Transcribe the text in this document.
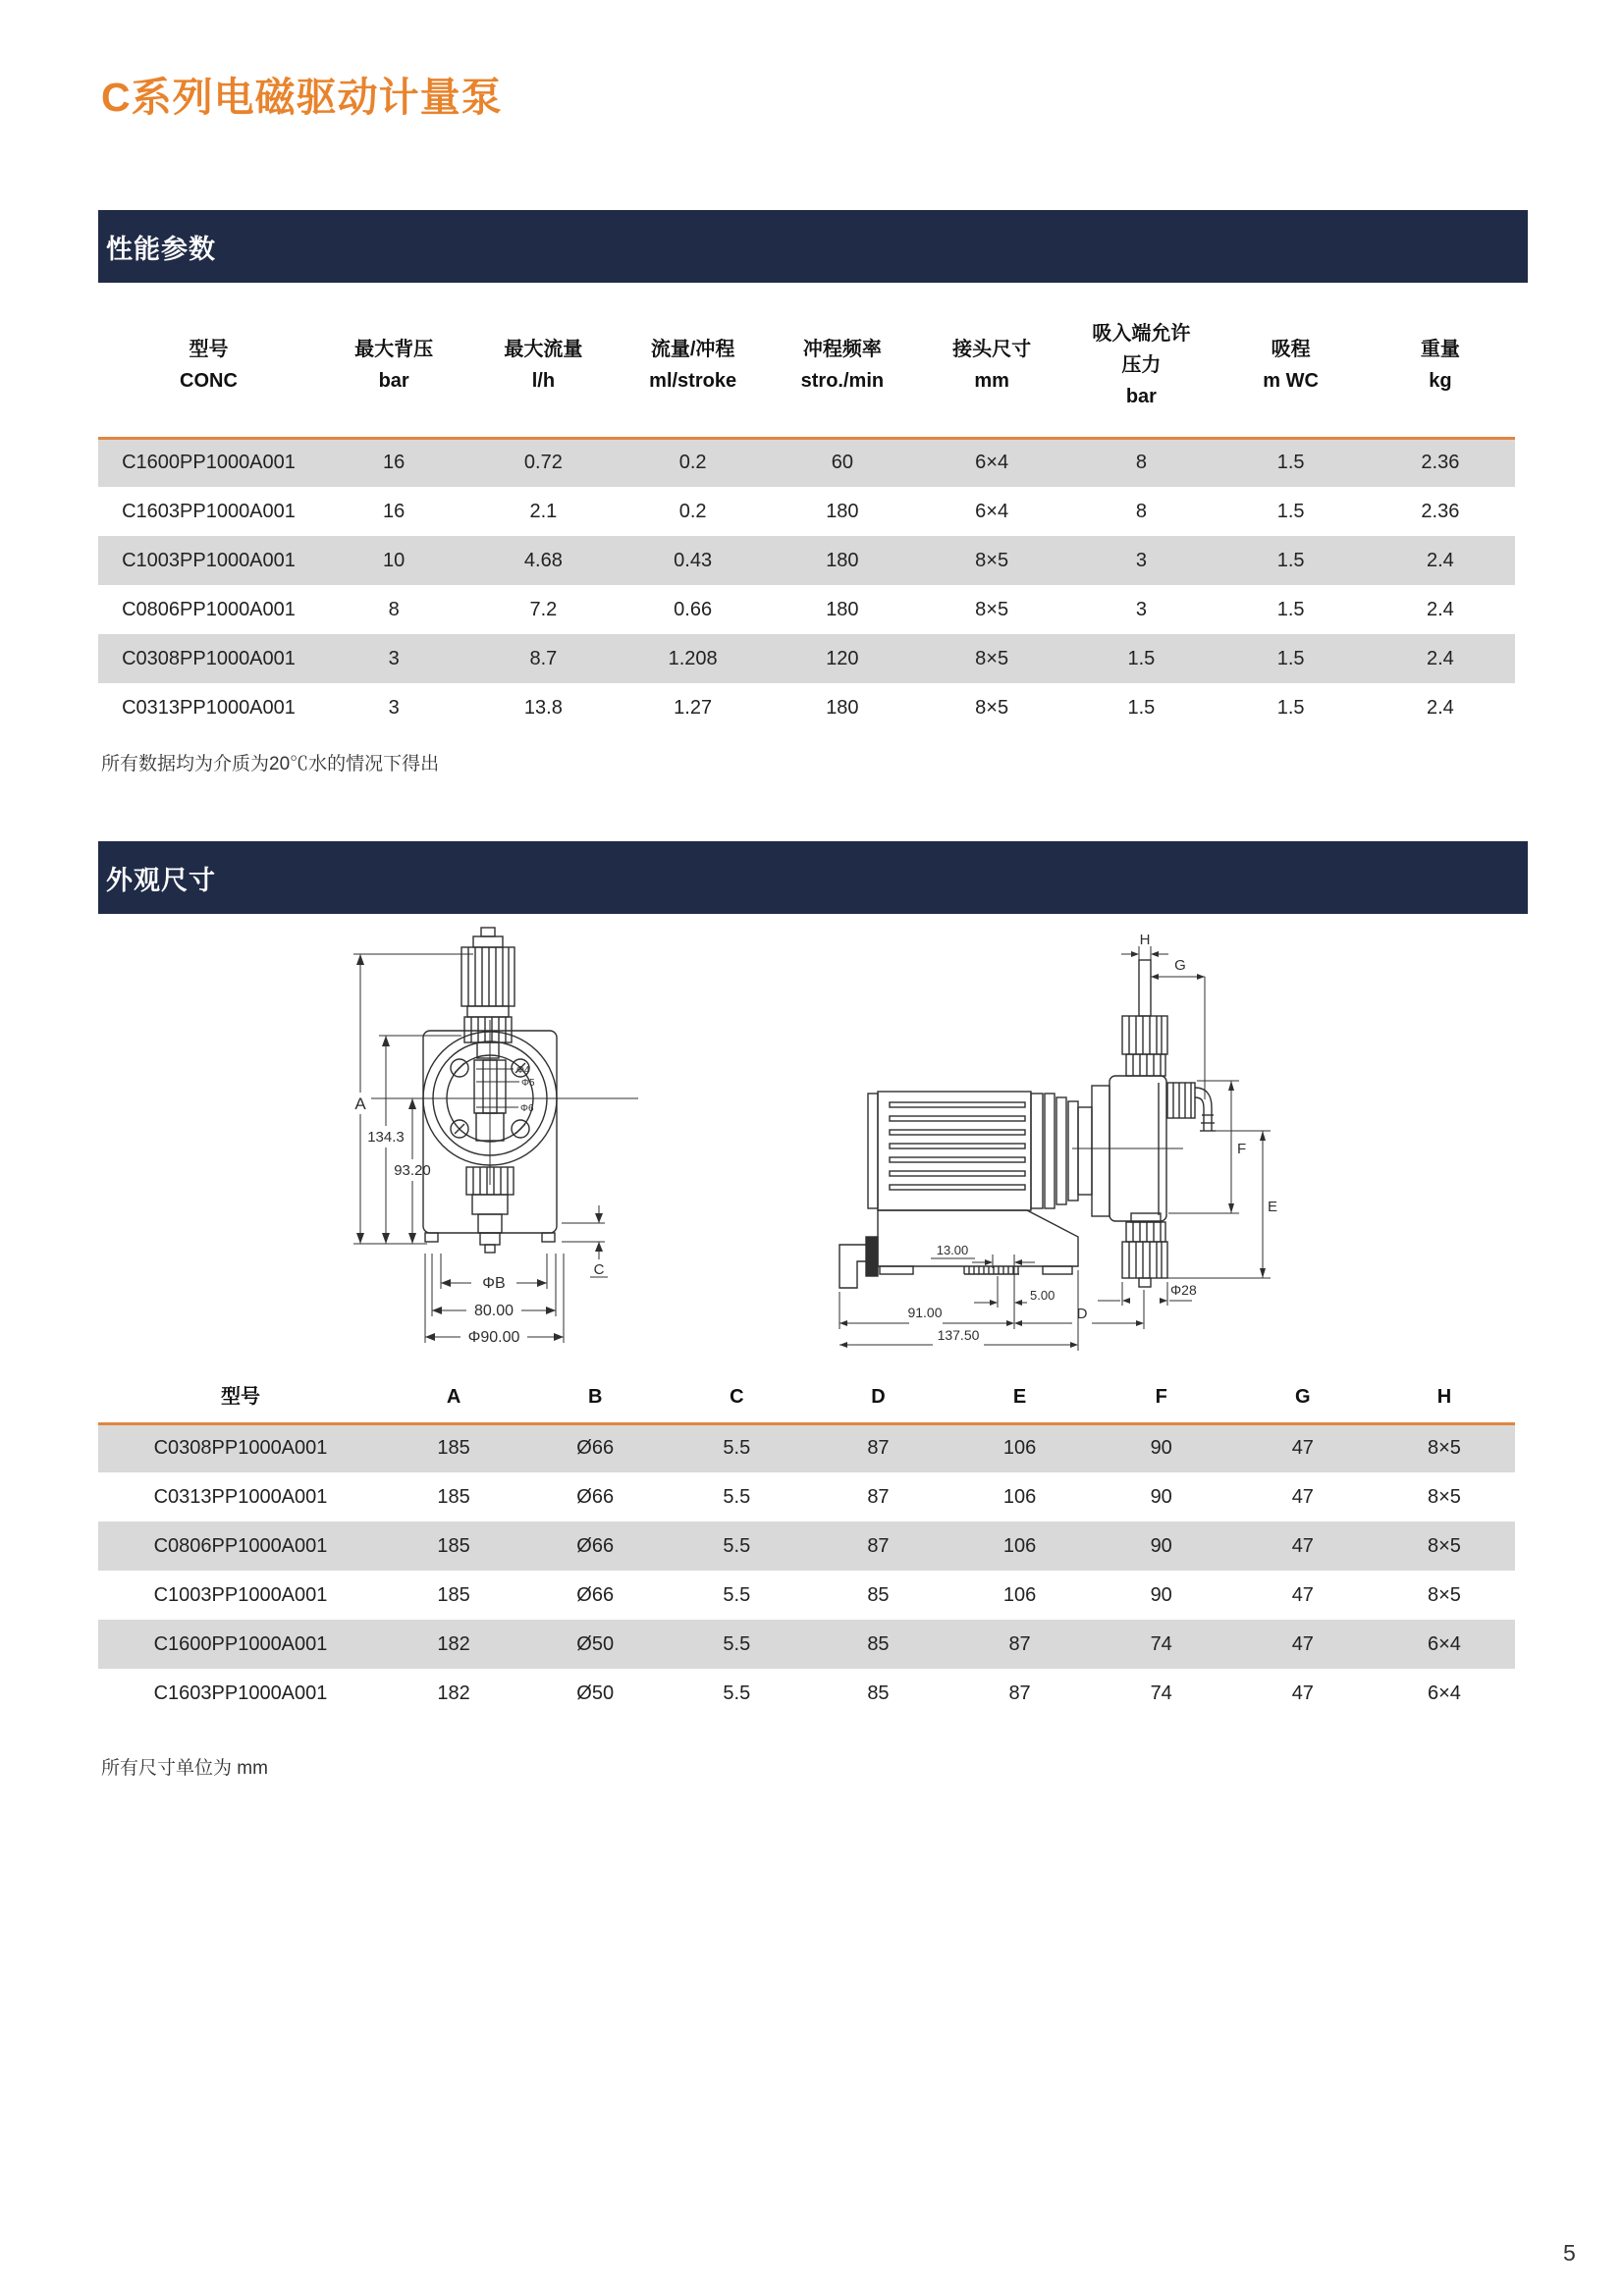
C系列电磁驱动计量泵
性能参数
型号
CONC

最大背压
bar

最大流量
l/h

流量/冲程
ml/stroke

冲程频率
stro./min

接头尺寸
mm

吸入端允许
压力
bar

吸程
m WC

重量
kg

C1600PP1000A001	16	0.72	0.2	60	6×4	8	1.5	2.36
C1603PP1000A001	16	2.1	0.2	180	6×4	8	1.5	2.36
C1003PP1000A001	10	4.68	0.43	180	8×5	3	1.5	2.4
C0806PP1000A001	8	7.2	0.66	180	8×5	3	1.5	2.4
C0308PP1000A001	3	8.7	1.208	120	8×5	1.5	1.5	2.4
C0313PP1000A001	3	13.8	1.27	180	8×5	1.5	1.5	2.4

所有数据均为介质为20℃水的情况下得出

外观尺寸
A
134.3
93.20
ΦB
80.00
Φ90.00
C
Φ4
Φ5
Φ6
H
G
F
E
Φ28
13.00
5.00
91.00
137.50
D
型号	A	B	C	D	E	F	G	H

C0308PP1000A001	185	Ø66	5.5	87	106	90	47	8×5
C0313PP1000A001	185	Ø66	5.5	87	106	90	47	8×5
C0806PP1000A001	185	Ø66	5.5	87	106	90	47	8×5
C1003PP1000A001	185	Ø66	5.5	85	106	90	47	8×5
C1600PP1000A001	182	Ø50	5.5	85	87	74	47	6×4
C1603PP1000A001	182	Ø50	5.5	85	87	74	47	6×4

所有尺寸单位为 mm

5
